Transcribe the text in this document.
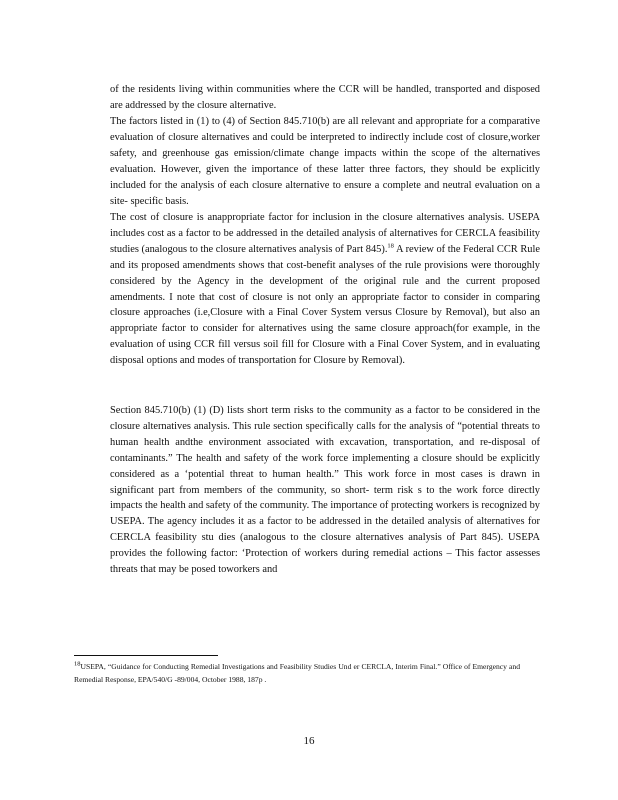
of the residents living within communities where the CCR will be handled, transported and disposed are addressed by the closure alternative.

The factors listed in (1) to (4) of Section 845.710(b) are all relevant and appropriate for a comparative evaluation of closure alternatives and could be interpreted to indirectly include cost of closure,worker safety, and greenhouse gas emission/climate change impacts within the scope of the alternatives evaluation. However, given the importance of these latter three factors, they should be explicitly included for the analysis of each closure alternative to ensure a complete and neutral evaluation on a site- specific basis.

The cost of closure is anappropriate factor for inclusion in the closure alternatives analysis. USEPA includes cost as a factor to be addressed in the detailed analysis of alternatives for CERCLA feasibility studies (analogous to the closure alternatives analysis of Part 845).$^{18}$ A review of the Federal CCR Rule and its proposed amendments shows that cost-benefit analyses of the rule provisions were thoroughly considered by the Agency in the development of the original rule and the current proposed amendments. I note that cost of closure is not only an appropriate factor to consider in comparing closure approaches (i.e,Closure with a Final Cover System versus Closure by Removal), but also an appropriate factor to consider for alternatives using the same closure approach(for example, in the evaluation of using CCR fill versus soil fill for Closure with a Final Cover System, and in evaluating disposal options and modes of transportation for Closure by Removal).

Section 845.710(b) (1) (D) lists short term risks to the community as a factor to be considered in the closure alternatives analysis. This rule section specifically calls for the analysis of “potential threats to human health andthe environment associated with excavation, transportation, and re-disposal of contaminants.” The health and safety of the work force implementing a closure should be explicitly considered as a ‘potential threat to human health.” This work force in most cases is drawn in significant part from members of the community, so short- term risk s to the work force directly impacts the health and safety of the community. The importance of protecting workers is recognized by USEPA. The agency includes it as a factor to be addressed in the detailed analysis of alternatives for CERCLA feasibility stu dies (analogous to the closure alternatives analysis of Part 845). USEPA provides the following factor: ‘Protection of workers during remedial actions – This factor assesses threats that may be posed toworkers and

18USEPA, “Guidance for Conducting Remedial Investigations and Feasibility Studies Und er CERCLA, Interim Final.” Office of Emergency and Remedial Response, EPA/540/G -89/004, October 1988, 187p .
16
